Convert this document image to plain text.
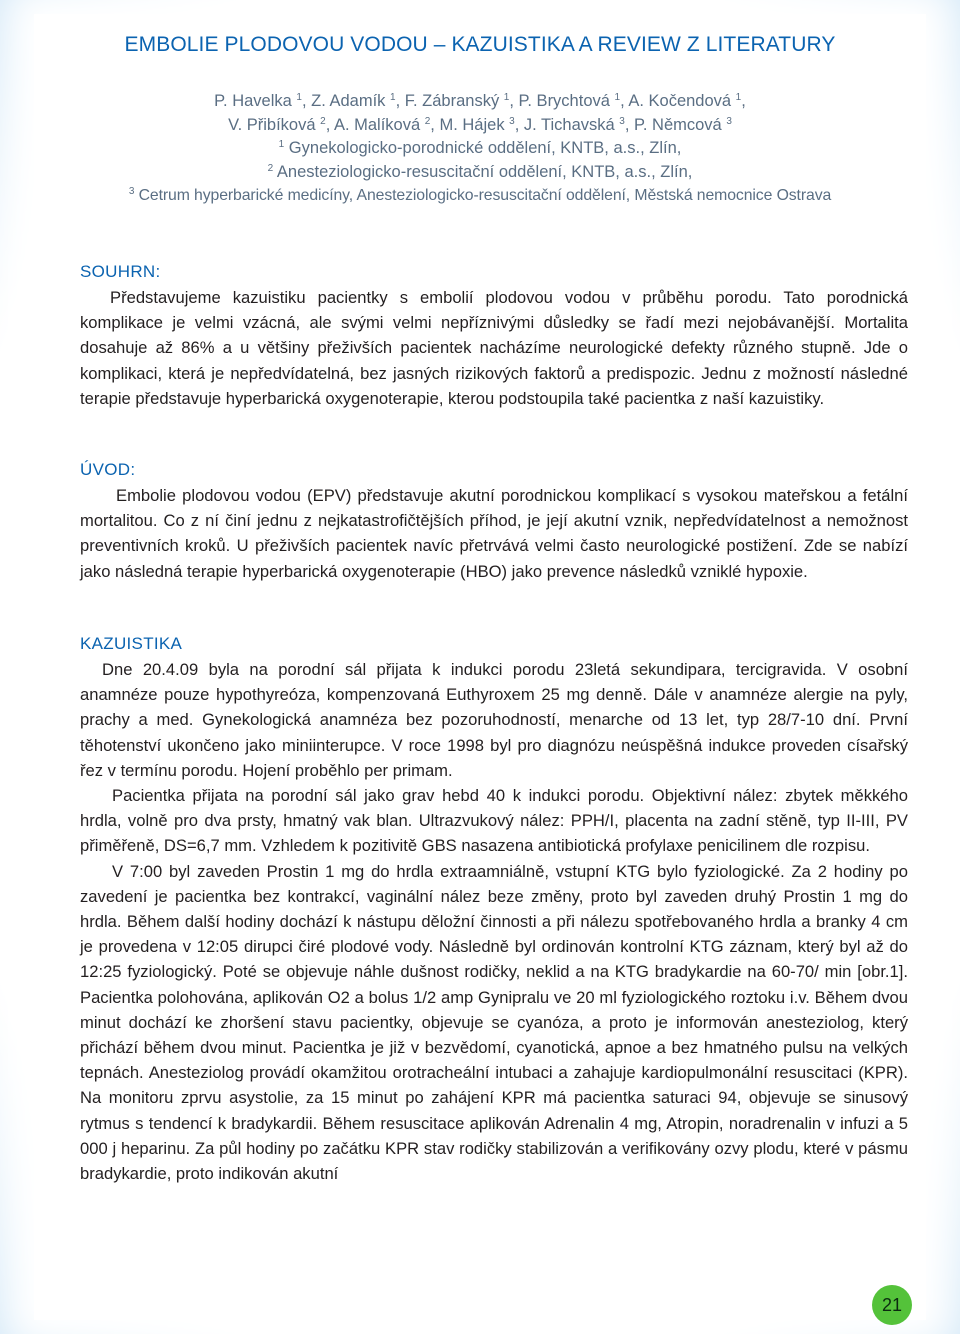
EMBOLIE PLODOVOU VODOU – KAZUISTIKA A REVIEW Z LITERATURY
P. Havelka $^1$, Z. Adamík $^1$, F. Zábranský $^1$, P. Brychtová $^1$, A. Kočendová $^1$,
V. Přibíková $^2$, A. Malíková $^2$, M. Hájek $^3$, J. Tichavská $^3$, P. Němcová $^3$
$^1$ Gynekologicko-porodnické oddělení, KNTB, a.s., Zlín,
$^2$ Anesteziologicko-resuscitační oddělení, KNTB, a.s., Zlín,
$^3$ Cetrum hyperbarické medicíny, Anesteziologicko-resuscitační oddělení, Městská nemocnice Ostrava
SOUHRN:

Představujeme kazuistiku pacientky s embolií plodovou vodou v průběhu porodu. Tato porodnická komplikace je velmi vzácná, ale svými velmi nepříznivými důsledky se řadí mezi nejobávanější. Mortalita dosahuje až 86% a u většiny přeživších pacientek nacházíme neurologické defekty různého stupně. Jde o komplikaci, která je nepředvídatelná, bez jasných rizikových faktorů a predispozic. Jednu z možností následné terapie představuje hyperbarická oxygenoterapie, kterou podstoupila také pacientka z naší kazuistiky.

ÚVOD:

Embolie plodovou vodou (EPV) představuje akutní porodnickou komplikací s vysokou mateřskou a fetální mortalitou. Co z ní činí jednu z nejkatastrofičtějších příhod, je její akutní vznik, nepředvídatelnost a nemožnost preventivních kroků. U přeživších pacientek navíc přetrvává velmi často neurologické postižení. Zde se nabízí jako následná terapie hyperbarická oxygenoterapie (HBO) jako prevence následků vzniklé hypoxie.

KAZUISTIKA

Dne 20.4.09 byla na porodní sál přijata k indukci porodu 23letá sekundipara, tercigravida. V osobní anamnéze pouze hypothyreóza, kompenzovaná Euthyroxem 25 mg denně. Dále v anamnéze alergie na pyly, prachy a med. Gynekologická anamnéza bez pozoruhodností, menarche od 13 let, typ 28/7-10 dní. První těhotenství ukončeno jako miniinterupce. V roce 1998 byl pro diagnózu neúspěšná indukce proveden císařský řez v termínu porodu. Hojení proběhlo per primam.

Pacientka přijata na porodní sál jako grav hebd 40 k indukci porodu. Objektivní nález: zbytek měkkého hrdla, volně pro dva prsty, hmatný vak blan. Ultrazvukový nález: PPH/I, placenta na zadní stěně, typ II-III, PV přiměřeně, DS=6,7 mm. Vzhledem k pozitivitě GBS nasazena antibiotická profylaxe penicilinem dle rozpisu.

V 7:00 byl zaveden Prostin 1 mg do hrdla extraamniálně, vstupní KTG bylo fyziologické. Za 2 hodiny po zavedení je pacientka bez kontrakcí, vaginální nález beze změny, proto byl zaveden druhý Prostin 1 mg do hrdla. Během další hodiny dochází k nástupu děložní činnosti a při nálezu spotřebovaného hrdla a branky 4 cm je provedena v 12:05 dirupci čiré plodové vody. Následně byl ordinován kontrolní KTG záznam, který byl až do 12:25 fyziologický. Poté se objevuje náhle dušnost rodičky, neklid a na KTG bradykardie na 60-70/ min [obr.1]. Pacientka polohována, aplikován O2 a bolus 1/2 amp Gynipralu ve 20 ml fyziologického roztoku i.v. Během dvou minut dochází ke zhoršení stavu pacientky, objevuje se cyanóza, a proto je informován anesteziolog, který přichází během dvou minut. Pacientka je již v bezvědomí, cyanotická, apnoe a bez hmatného pulsu na velkých tepnách. Anesteziolog provádí okamžitou orotracheální intubaci a zahajuje kardiopulmonální resuscitaci (KPR). Na monitoru zprvu asystolie, za 15 minut po zahájení KPR má pacientka saturaci 94, objevuje se sinusový rytmus s tendencí k bradykardii. Během resuscitace aplikován Adrenalin 4 mg, Atropin, noradrenalin v infuzi a 5 000 j heparinu. Za půl hodiny po začátku KPR stav rodičky stabilizován a verifikovány ozvy plodu, které v pásmu bradykardie, proto indikován akutní

21
